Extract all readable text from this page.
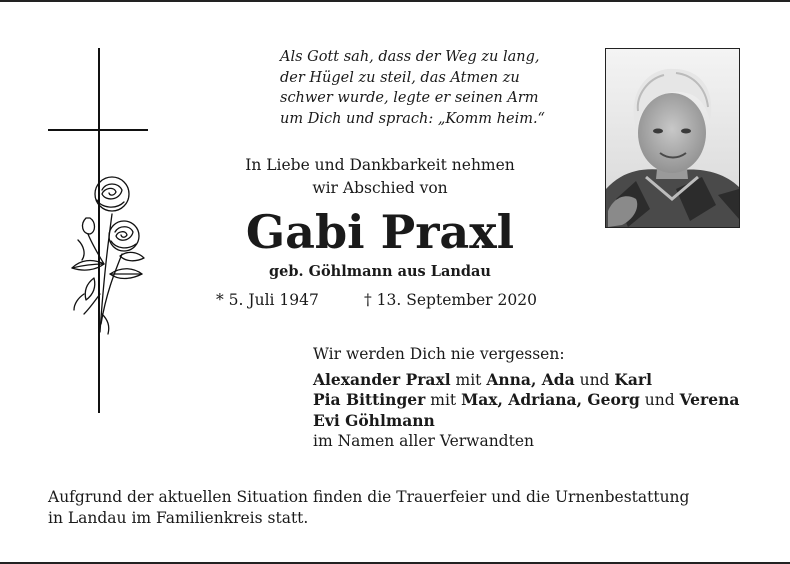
Als Gott sah, dass der Weg zu lang,
der Hügel zu steil, das Atmen zu
schwer wurde, legte er seinen Arm
um Dich und sprach: „Komm heim.“
In Liebe und Dankbarkeit nehmen
wir Abschied von
Gabi Praxl
geb. Göhlmann aus Landau
* 5. Juli 1947	† 13. September 2020
Wir werden Dich nie vergessen:
Alexander Praxl mit Anna, Ada und Karl
Pia Bittinger mit Max, Adriana, Georg und Verena
Evi Göhlmann
im Namen aller Verwandten
Aufgrund der aktuellen Situation finden die Trauerfeier und die Urnenbestattung
in Landau im Familienkreis statt.
